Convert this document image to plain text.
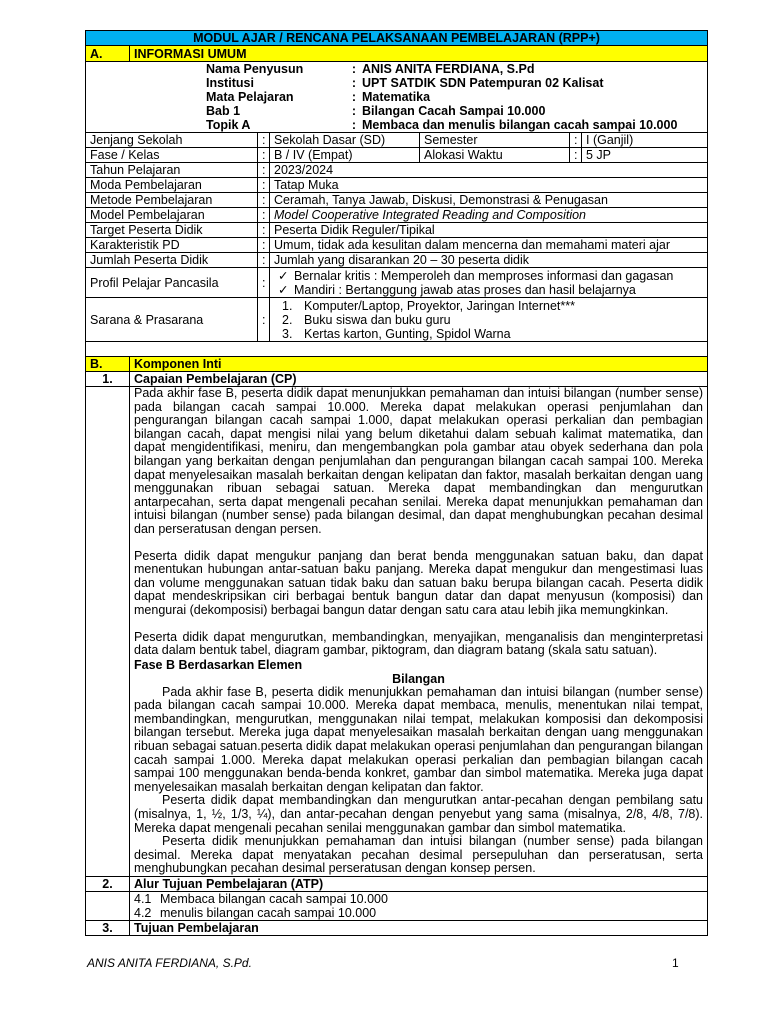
MODUL AJAR / RENCANA PELAKSANAAN PEMBELAJARAN (RPP+)
A.	INFORMASI UMUM

	Nama Penyusun	:	ANIS ANITA FERDIANA, S.Pd
	Institusi	:	UPT SATDIK SDN Patempuran 02 Kalisat
	Mata Pelajaran	:	Matematika
	Bab 1	:	Bilangan Cacah Sampai 10.000
	Topik A	:	Membaca dan menulis bilangan cacah sampai 10.000

Jenjang Sekolah	:	Sekolah Dasar (SD)	Semester	:	I (Ganjil)
Fase / Kelas	:	B / IV (Empat)	Alokasi Waktu	:	5 JP
Tahun Pelajaran	:	2023/2024
Moda Pembelajaran	:	Tatap Muka
Metode Pembelajaran	:	Ceramah, Tanya Jawab, Diskusi, Demonstrasi & Penugasan
Model Pembelajaran	:	Model Cooperative Integrated Reading and Composition
Target Peserta Didik	:	Peserta Didik Reguler/Tipikal
Karakteristik PD	:	Umum, tidak ada kesulitan dalam mencerna dan memahami materi ajar
Jumlah Peserta Didik	:	Jumlah yang disarankan 20 – 30 peserta didik
Profil Pelajar Pancasila	:	
✓Bernalar kritis : Memperoleh dan memproses informasi dan gagasan
✓ Mandiri : Bertanggung jawab atas proses dan hasil belajarnya

Sarana & Prasarana	:	
1. Komputer/Laptop, Proyektor, Jaringan Internet***
2. Buku siswa dan buku guru
3. Kertas karton, Gunting, Spidol Warna

B.	Komponen Inti
1.	Capaian Pembelajaran (CP)

Pada akhir fase B, peserta didik dapat menunjukkan pemahaman dan intuisi bilangan (number sense) pada bilangan cacah sampai 10.000. Mereka dapat melakukan operasi penjumlahan dan pengurangan bilangan cacah sampai 1.000, dapat melakukan operasi perkalian dan pembagian bilangan cacah, dapat mengisi nilai yang belum diketahui dalam sebuah kalimat matematika, dan dapat mengidentifikasi, meniru, dan mengembangkan pola gambar atau obyek sederhana dan pola bilangan yang berkaitan dengan penjumlahan dan pengurangan bilangan cacah sampai 100. Mereka dapat menyelesaikan masalah berkaitan dengan kelipatan dan faktor, masalah berkaitan dengan uang menggunakan ribuan sebagai satuan. Mereka dapat membandingkan dan mengurutkan antarpecahan, serta dapat mengenali pecahan senilai. Mereka dapat menunjukkan pemahaman dan intuisi bilangan (number sense) pada bilangan desimal, dan dapat menghubungkan pecahan desimal dan perseratusan dengan persen.
Peserta didik dapat mengukur panjang dan berat benda menggunakan satuan baku, dan dapat menentukan hubungan antar-satuan baku panjang. Mereka dapat mengukur dan mengestimasi luas dan volume menggunakan satuan tidak baku dan satuan baku berupa bilangan cacah. Peserta didik dapat mendeskripsikan ciri berbagai bentuk bangun datar dan dapat menyusun (komposisi) dan mengurai (dekomposisi) berbagai bangun datar dengan satu cara atau lebih jika memungkinkan.
Peserta didik dapat mengurutkan, membandingkan, menyajikan, menganalisis dan menginterpretasi data dalam bentuk tabel, diagram gambar, piktogram, dan diagram batang (skala satu satuan).
Fase B Berdasarkan Elemen
Bilangan
Pada akhir fase B, peserta didik menunjukkan pemahaman dan intuisi bilangan (number sense) pada bilangan cacah sampai 10.000. Mereka dapat membaca, menulis, menentukan nilai tempat, membandingkan, mengurutkan, menggunakan nilai tempat, melakukan komposisi dan dekomposisi bilangan tersebut. Mereka juga dapat menyelesaikan masalah berkaitan dengan uang menggunakan ribuan sebagai satuan.peserta didik dapat melakukan operasi penjumlahan dan pengurangan bilangan cacah sampai 1.000. Mereka dapat melakukan operasi perkalian dan pembagian bilangan cacah sampai 100 menggunakan benda-benda konkret, gambar dan simbol matematika. Mereka juga dapat menyelesaikan masalah berkaitan dengan kelipatan dan faktor.
Peserta didik dapat membandingkan dan mengurutkan antar-pecahan dengan pembilang satu (misalnya, 1, ½, 1/3, ¼), dan antar-pecahan dengan penyebut yang sama (misalnya, 2/8, 4/8, 7/8). Mereka dapat mengenali pecahan senilai menggunakan gambar dan simbol matematika.
Peserta didik menunjukkan pemahaman dan intuisi bilangan (number sense) pada bilangan desimal. Mereka dapat menyatakan pecahan desimal persepuluhan dan perseratusan, serta menghubungkan pecahan desimal perseratusan dengan konsep persen.

2.	Alur Tujuan Pembelajaran (ATP)

4.1 Membaca bilangan cacah sampai 10.000
4.2 menulis bilangan cacah sampai 10.000

3.	Tujuan Pembelajaran
ANIS ANITA FERDIANA, S.Pd.	1
